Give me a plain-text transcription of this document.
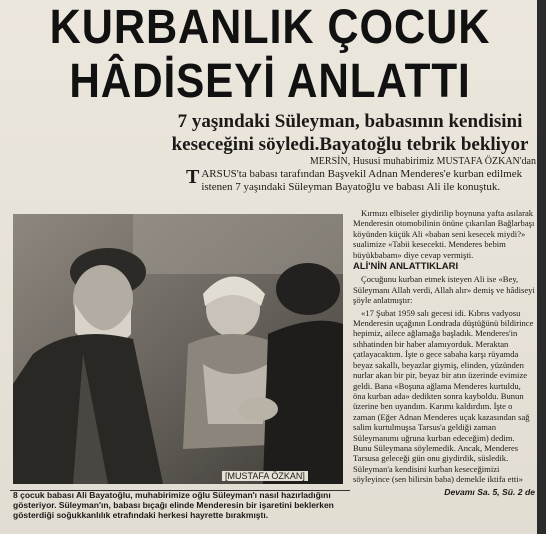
KURBANLIK ÇOCUK
HÂDİSEYİ ANLATTI
7 yaşındaki Süleyman, babasının kendisini keseceğini söyledi.Bayatoğlu tebrik bekliyor
MERSİN, Hususi muhabirimiz MUSTAFA ÖZKAN'dan
T ARSUS'ta babası tarafından Başvekil Adnan Menderes'e kurban edilmek istenen 7 yaşındaki Süleyman Bayatoğlu ve babası Ali ile konuştuk.
[MUSTAFA ÖZKAN]
8 çocuk babası Ali Bayatoğlu, muhabirimize oğlu Süleyman'ı nasıl hazırladığını gösteriyor. Süleyman'ın, babası bıçağı elinde Menderesin bir işaretini beklerken gösterdiği soğukkanlılık etrafındaki herkesi hayrette bırakmıştı.

Kırmızı elbiseler giydirilip boynuna yafta asılarak Menderesin otomobilinin önüne çıkarılan Bağlarbaşı köyünden küçük Ali «baban seni kesecek miydi?» sualimize «Tabii kesecekti. Menderes bebim büyükbabam» diye cevap vermişti.

ALİ'NİN ANLATTIKLARI

Çocuğunu kurban etmek isteyen Ali ise «Bey, Süleymanı Allah verdi, Allah alır» demiş ve hâdiseyi şöyle anlatmıştır:

«17 Şubat 1959 salı gecesi idi. Kıbrıs vadyosu Menderesin uçağının Londrada düştüğünü bildirince hepimiz, ailece ağlamağa başladık. Menderes'in sıhhatinden bir haber alamıyorduk. Meraktan çatlayacaktım. İşte o gece sabaha karşı rüyamda beyaz sakallı, beyazlar giymiş, elinden, yüzünden nurlar akan bir pir, beyaz bir atın üzerinde evimize geldi. Bana «Boşuna ağlama Menderes kurtuldu, öna kurban ada» dedikten sonra kayboldu. Bunun üzerine ben uyandım. Karımı kaldırdım. İşte o zaman (Eğer Adnan Menderes uçak kazasından sağ salim kurtulmuşsa Tarsus'a geldiği zaman Süleymanımı uğruna kurban edeceğim) dedim. Bunu Süleymana söylemedik. Ancak, Menderes Tarsusa geleceği gün onu giydirdik, süsledik. Süleyman'a kendisini kurban keseceğimizi söyleyince (sen bilirsin baba) demekle iktifa etti»

Devamı Sa. 5, Sü. 2 de
